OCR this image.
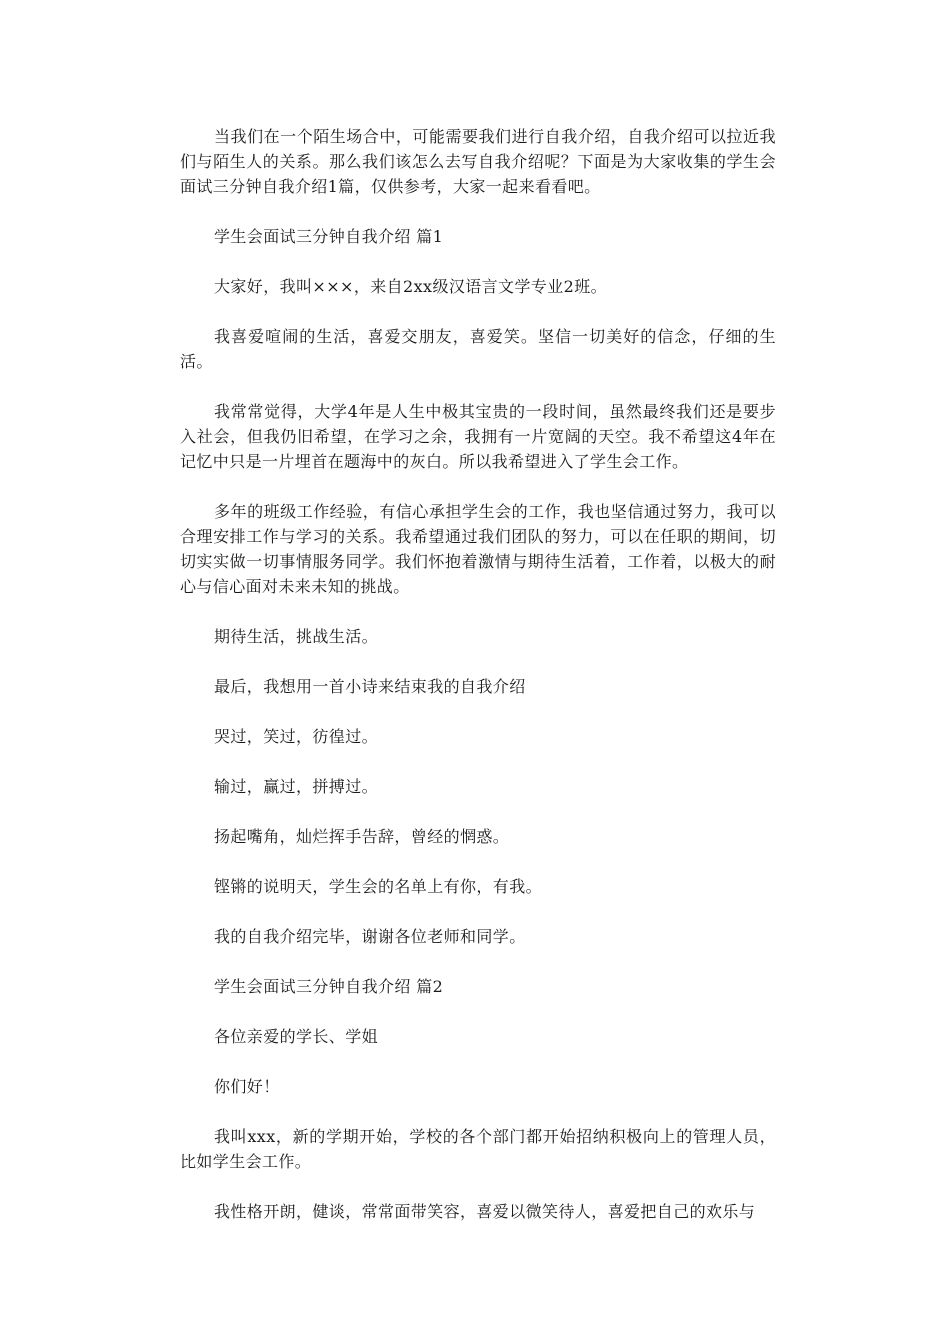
当我们在一个陌生场合中，可能需要我们进行自我介绍，自我介绍可以拉近我们与陌生人的关系。那么我们该怎么去写自我介绍呢？下面是为大家收集的学生会面试三分钟自我介绍1篇，仅供参考，大家一起来看看吧。

学生会面试三分钟自我介绍 篇1

大家好，我叫×××，来自2xx级汉语言文学专业2班。

我喜爱喧闹的生活，喜爱交朋友，喜爱笑。坚信一切美好的信念，仔细的生活。

我常常觉得，大学4年是人生中极其宝贵的一段时间，虽然最终我们还是要步入社会，但我仍旧希望，在学习之余，我拥有一片宽阔的天空。我不希望这4年在记忆中只是一片埋首在题海中的灰白。所以我希望进入了学生会工作。

多年的班级工作经验，有信心承担学生会的工作，我也坚信通过努力，我可以合理安排工作与学习的关系。我希望通过我们团队的努力，可以在任职的期间，切切实实做一切事情服务同学。我们怀抱着激情与期待生活着，工作着，以极大的耐心与信心面对未来未知的挑战。

期待生活，挑战生活。

最后，我想用一首小诗来结束我的自我介绍

哭过，笑过，彷徨过。

输过，赢过，拼搏过。

扬起嘴角，灿烂挥手告辞，曾经的惘惑。

铿锵的说明天，学生会的名单上有你，有我。

我的自我介绍完毕，谢谢各位老师和同学。

学生会面试三分钟自我介绍 篇2

各位亲爱的学长、学姐

你们好！

我叫xxx，新的学期开始，学校的各个部门都开始招纳积极向上的管理人员，比如学生会工作。

我性格开朗，健谈，常常面带笑容，喜爱以微笑待人，喜爱把自己的欢乐与
